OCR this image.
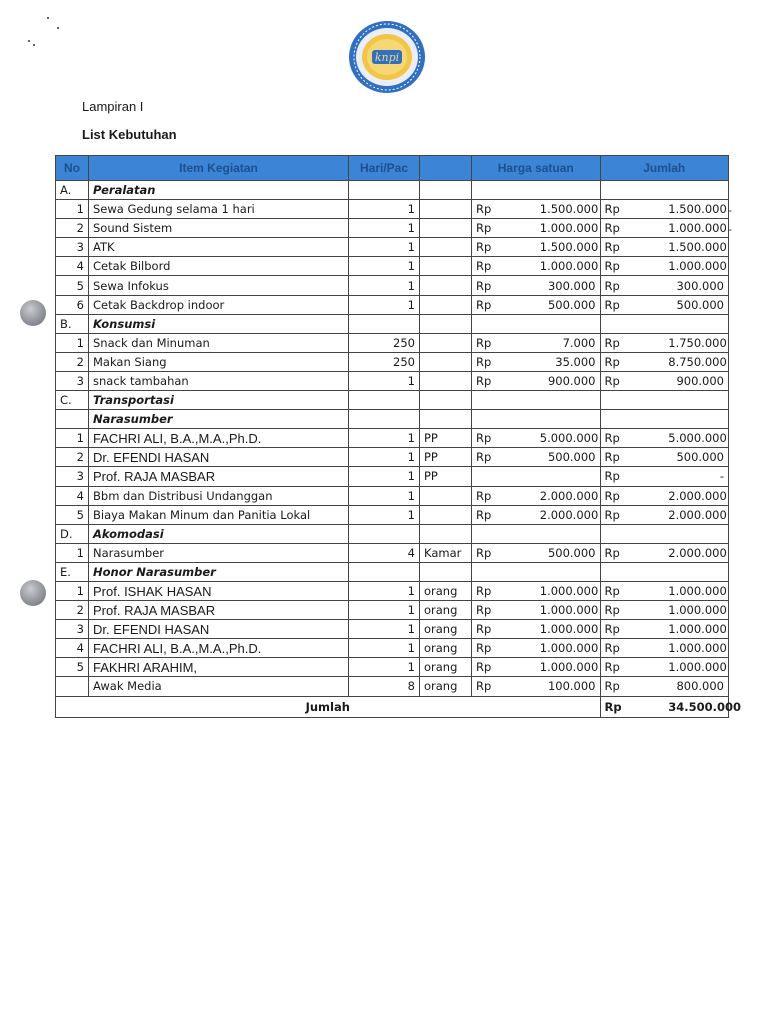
knpi
Lampiran I
List Kebutuhan
No	Item Kegiatan	Hari/Pac		Harga satuan		Jumlah	
A.	Peralatan						
1	Sewa Gedung selama 1 hari	1		Rp	1.500.000	Rp	1.500.000
2	Sound Sistem	1		Rp	1.000.000	Rp	1.000.000
3	ATK	1		Rp	1.500.000	Rp	1.500.000
4	Cetak Bilbord	1		Rp	1.000.000	Rp	1.000.000
5	Sewa Infokus	1		Rp	300.000	Rp	300.000
6	Cetak Backdrop indoor	1		Rp	500.000	Rp	500.000
B.	Konsumsi						
1	Snack dan Minuman	250		Rp	7.000	Rp	1.750.000
2	Makan Siang	250		Rp	35.000	Rp	8.750.000
3	snack tambahan	1		Rp	900.000	Rp	900.000
C.	Transportasi						
	Narasumber						
1	FACHRI ALI, B.A.,M.A.,Ph.D.	1	PP	Rp	5.000.000	Rp	5.000.000
2	Dr. EFENDI HASAN	1	PP	Rp	500.000	Rp	500.000
3	Prof. RAJA MASBAR	1	PP			Rp	-
4	Bbm dan Distribusi Undanggan	1		Rp	2.000.000	Rp	2.000.000
5	Biaya Makan Minum dan Panitia Lokal	1		Rp	2.000.000	Rp	2.000.000
D.	Akomodasi						
1	Narasumber	4	Kamar	Rp	500.000	Rp	2.000.000
E.	Honor Narasumber						
1	Prof. ISHAK HASAN	1	orang	Rp	1.000.000	Rp	1.000.000
2	Prof. RAJA MASBAR	1	orang	Rp	1.000.000	Rp	1.000.000
3	Dr. EFENDI HASAN	1	orang	Rp	1.000.000	Rp	1.000.000
4	FACHRI ALI, B.A.,M.A.,Ph.D.	1	orang	Rp	1.000.000	Rp	1.000.000
5	FAKHRI ARAHIM,	1	orang	Rp	1.000.000	Rp	1.000.000
	Awak Media	8	orang	Rp	100.000	Rp	800.000
Jumlah						Rp	34.500.000
-
-
